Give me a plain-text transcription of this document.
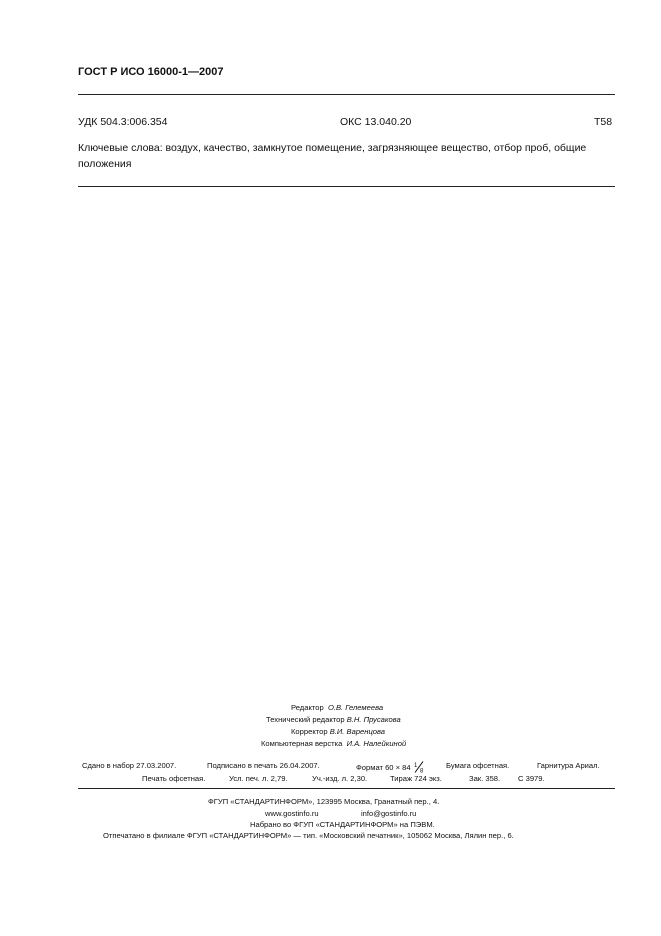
ГОСТ Р ИСО 16000-1—2007
УДК 504.3:006.354	ОКС 13.040.20	Т58
Ключевые слова: воздух, качество, замкнутое помещение, загрязняющее вещество, отбор проб, общие
положения
Редактор О.В. Гелемеева
Технический редактор В.Н. Прусакова
Корректор В.И. Варенцова
Компьютерная верстка И.А. Налейкиной
Сдано в набор 27.03.2007.	Подписано в печать 26.04.2007.	Формат 60 × 84 1
8
Бумага офсетная.	Гарнитура Ариал.
Печать офсетная.	Усл. печ. л. 2,79.	Уч.-изд. л. 2,30.	Тираж 724 экз.	Зак. 358. С 3979.
ФГУП «СТАНДАРТИНФОРМ», 123995 Москва, Гранатный пер., 4.
www.gostinfo.ru	info@gostinfo.ru
Набрано во ФГУП «СТАНДАРТИНФОРМ» на ПЭВМ.
Отпечатано в филиале ФГУП «СТАНДАРТИНФОРМ» — тип. «Московский печатник», 105062 Москва, Лялин пер., 6.
